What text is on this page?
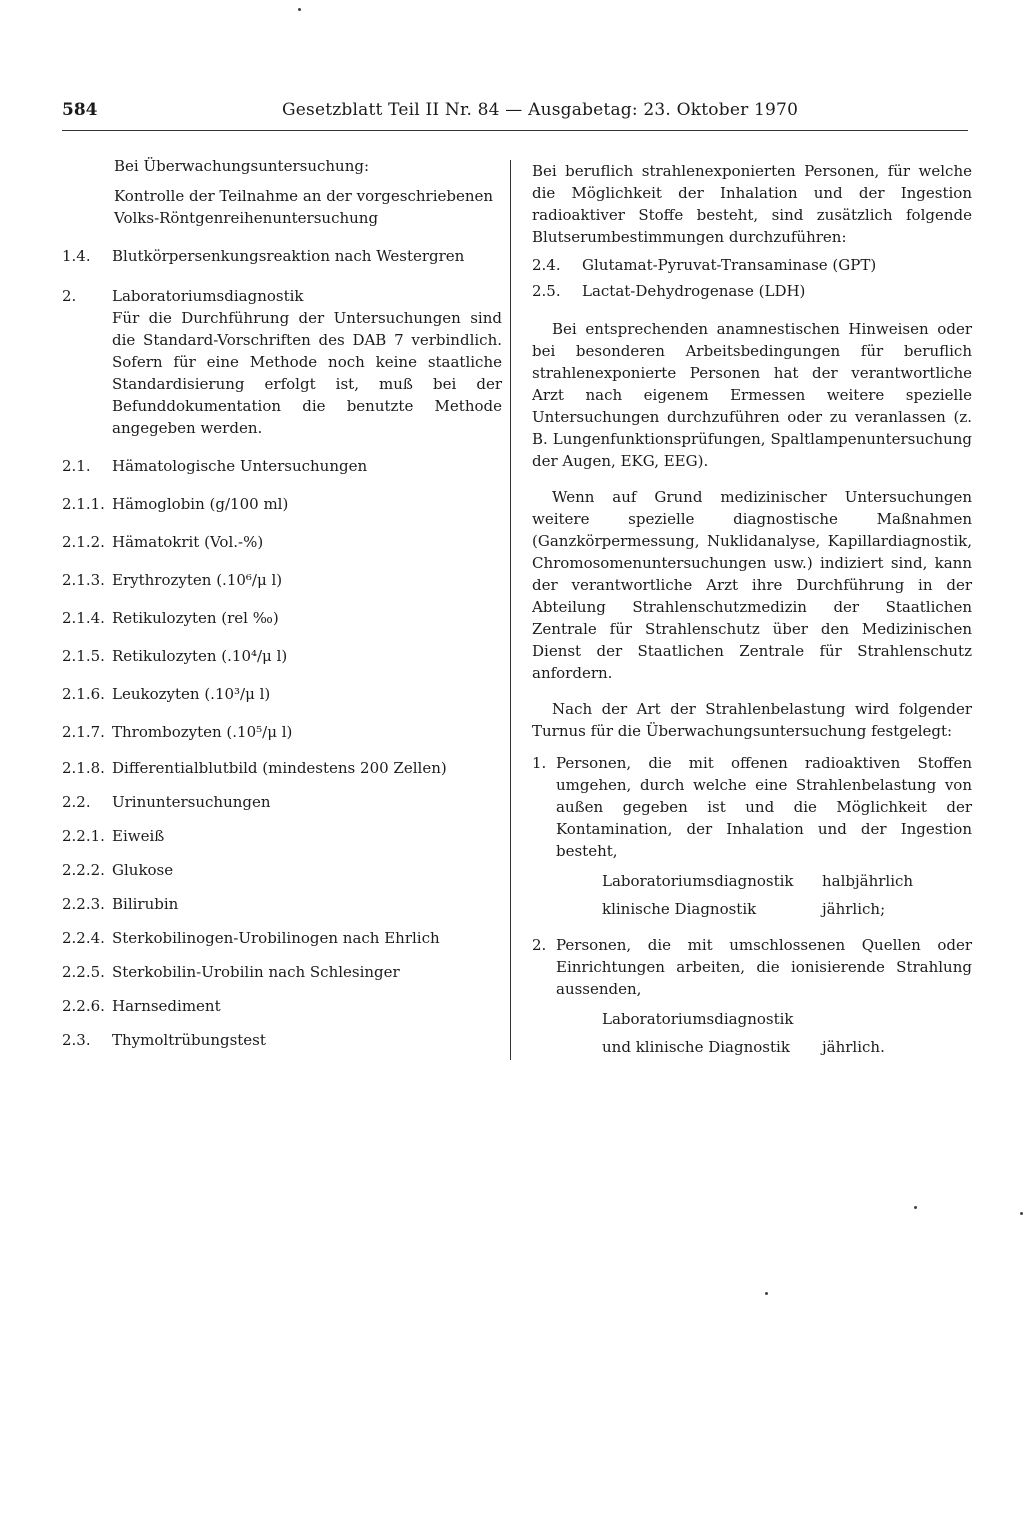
584	Gesetzblatt Teil II Nr. 84 — Ausgabetag: 23. Oktober 1970

Bei Überwachungsuntersuchung:

Kontrolle der Teilnahme an der vorgeschriebenen Volks-Röntgenreihenuntersuchung

1.4.	Blutkörpersenkungsreaktion nach Westergren
2.	Laboratoriumsdiagnostik
Für die Durchführung der Untersuchungen sind die Standard-Vorschriften des DAB 7 verbindlich. Sofern für eine Methode noch keine staatliche Standardisierung erfolgt ist, muß bei der Befunddokumentation die benutzte Methode angegeben werden.
2.1.	Hämatologische Untersuchungen
2.1.1. Hämoglobin (g/100 ml)
2.1.2. Hämatokrit (Vol.-%)
2.1.3. Erythrozyten (.10⁶/μ l)
2.1.4. Retikulozyten (rel ‰)
2.1.5. Retikulozyten (.10⁴/μ l)
2.1.6. Leukozyten (.10³/μ l)
2.1.7. Thrombozyten (.10⁵/μ l)
2.1.8. Differentialblutbild (mindestens 200 Zellen)
2.2.	Urinuntersuchungen
2.2.1. Eiweiß
2.2.2. Glukose
2.2.3. Bilirubin
2.2.4. Sterkobilinogen-Urobilinogen nach Ehrlich
2.2.5. Sterkobilin-Urobilin nach Schlesinger
2.2.6. Harnsediment
2.3.	Thymoltrübungstest

Bei beruflich strahlenexponierten Personen, für welche die Möglichkeit der Inhalation und der Ingestion radioaktiver Stoffe besteht, sind zusätzlich folgende Blutserumbestimmungen durchzuführen:

2.4.	Glutamat-Pyruvat-Transaminase (GPT)
2.5.	Lactat-Dehydrogenase (LDH)

Bei entsprechenden anamnestischen Hinweisen oder bei besonderen Arbeitsbedingungen für beruflich strahlenexponierte Personen hat der verantwortliche Arzt nach eigenem Ermessen weitere spezielle Untersuchungen durchzuführen oder zu veranlassen (z. B. Lungenfunktionsprüfungen, Spaltlampenuntersuchung der Augen, EKG, EEG).

Wenn auf Grund medizinischer Untersuchungen weitere spezielle diagnostische Maßnahmen (Ganzkörpermessung, Nuklidanalyse, Kapillardiagnostik, Chromosomenuntersuchungen usw.) indiziert sind, kann der verantwortliche Arzt ihre Durchführung in der Abteilung Strahlenschutzmedizin der Staatlichen Zentrale für Strahlenschutz über den Medizinischen Dienst der Staatlichen Zentrale für Strahlenschutz anfordern.

Nach der Art der Strahlenbelastung wird folgender Turnus für die Überwachungsuntersuchung festgelegt:

1. Personen, die mit offenen radioaktiven Stoffen umgehen, durch welche eine Strahlenbelastung von außen gegeben ist und die Möglichkeit der Kontamination, der Inhalation und der Ingestion besteht,
Laboratoriumsdiagnostik	halbjährlich
klinische Diagnostik	jährlich;
2. Personen, die mit umschlossenen Quellen oder Einrichtungen arbeiten, die ionisierende Strahlung aussenden,
Laboratoriumsdiagnostik
und klinische Diagnostik	jährlich.
